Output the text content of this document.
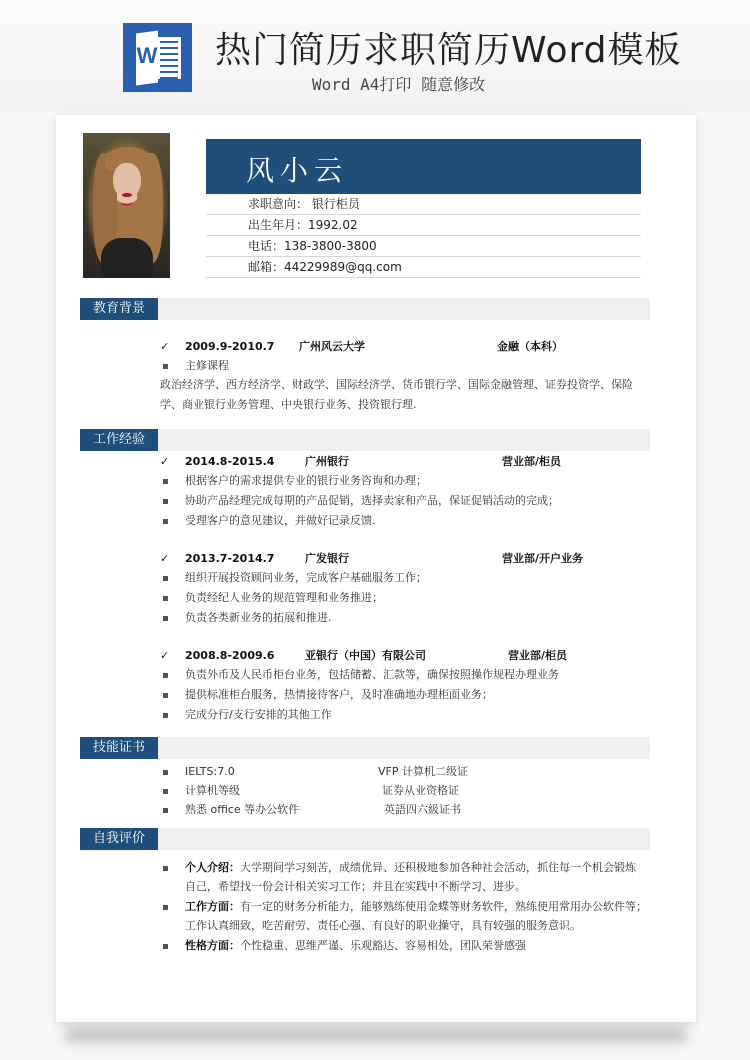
W 热门简历求职简历Word模板
Word A4打印 随意修改
风小云
求职意向： 银行柜员
出生年月：1992.02
电话：138-3800-3800
邮箱：44229989@qq.com
教育背景
✓ 2009.9-2010.7 广州风云大学	金融（本科）
主修课程
政治经济学、西方经济学、财政学、国际经济学、货币银行学、国际金融管理、证券投资学、保险
学、商业银行业务管理、中央银行业务、投资银行理.
工作经验
✓ 2014.8-2015.4	广州银行	营业部/柜员
根据客户的需求提供专业的银行业务咨询和办理；
协助产品经理完成每期的产品促销，选择卖家和产品，保证促销活动的完成；
受理客户的意见建议，并做好记录反馈.
✓ 2013.7-2014.7	广发银行	营业部/开户业务
组织开展投资顾问业务，完成客户基础服务工作；
负责经纪人业务的规范管理和业务推进；
负责各类新业务的拓展和推进.
✓ 2008.8-2009.6	亚银行（中国）有限公司	营业部/柜员
负责外币及人民币柜台业务，包括储蓄、汇款等，确保按照操作规程办理业务
提供标准柜台服务，热情接待客户，及时准确地办理柜面业务；
完成分行/支行安排的其他工作
技能证书
IELTS:7.0	VFP 计算机二级证
计算机等级	证券从业资格证
熟悉 office 等办公软件	英語四六級证书
自我评价
个人介绍：大学期间学习刻苦，成绩优异、还积极地参加各种社会活动，抓住每一个机会锻炼
自己，希望找一份会计相关实习工作；并且在实践中不断学习、进步。
工作方面：有一定的财务分析能力，能够熟练使用金蝶等财务软件，熟练使用常用办公软件等；
工作认真细致，吃苦耐劳、责任心强、有良好的职业操守，具有较强的服务意识。
性格方面：个性稳重、思维严谨、乐观豁达、容易相处，团队荣誉感强
